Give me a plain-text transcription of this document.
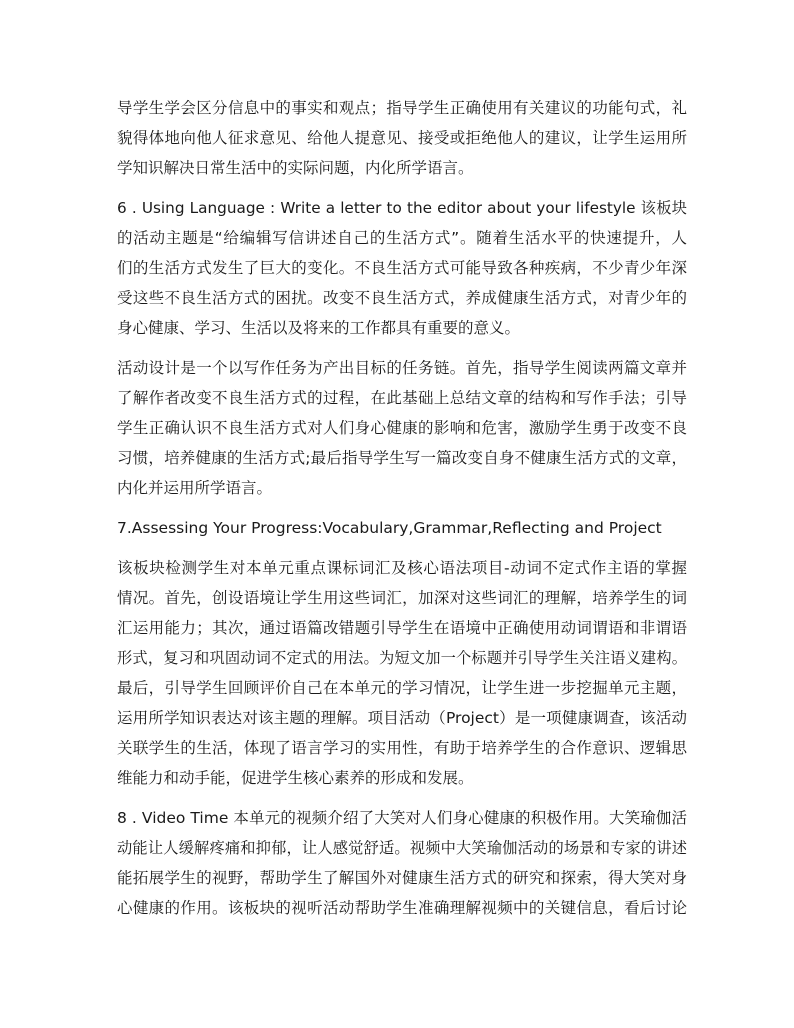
导学生学会区分信息中的事实和观点；指导学生正确使用有关建议的功能句式，礼
貌得体地向他人征求意见、给他人提意见、接受或拒绝他人的建议，让学生运用所
学知识解决日常生活中的实际问题，内化所学语言。
6 . Using Language : Write a letter to the editor about your lifestyle 该板块
的活动主题是“给编辑写信讲述自己的生活方式”。随着生活水平的快速提升，人
们的生活方式发生了巨大的变化。不良生活方式可能导致各种疾病，不少青少年深
受这些不良生活方式的困扰。改变不良生活方式，养成健康生活方式，对青少年的
身心健康、学习、生活以及将来的工作都具有重要的意义。
活动设计是一个以写作任务为产出目标的任务链。首先，指导学生阅读两篇文章并
了解作者改变不良生活方式的过程，在此基础上总结文章的结构和写作手法；引导
学生正确认识不良生活方式对人们身心健康的影响和危害，激励学生勇于改变不良
习惯，培养健康的生活方式;最后指导学生写一篇改变自身不健康生活方式的文章，
内化并运用所学语言。
7.Assessing Your Progress:Vocabulary,Grammar,Reflecting and Project
该板块检测学生对本单元重点课标词汇及核心语法项目-动词不定式作主语的掌握
情况。首先，创设语境让学生用这些词汇，加深对这些词汇的理解，培养学生的词
汇运用能力；其次，通过语篇改错题引导学生在语境中正确使用动词谓语和非谓语
形式，复习和巩固动词不定式的用法。为短文加一个标题并引导学生关注语义建构。
最后，引导学生回顾评价自己在本单元的学习情况，让学生进一步挖掘单元主题，
运用所学知识表达对该主题的理解。项目活动（Project）是一项健康调查，该活动
关联学生的生活，体现了语言学习的实用性，有助于培养学生的合作意识、逻辑思
维能力和动手能，促进学生核心素养的形成和发展。
8 . Video Time 本单元的视频介绍了大笑对人们身心健康的积极作用。大笑瑜伽活
动能让人缓解疼痛和抑郁，让人感觉舒适。视频中大笑瑜伽活动的场景和专家的讲述
能拓展学生的视野，帮助学生了解国外对健康生活方式的研究和探索，得大笑对身
心健康的作用。该板块的视听活动帮助学生准确理解视频中的关键信息，看后讨论
